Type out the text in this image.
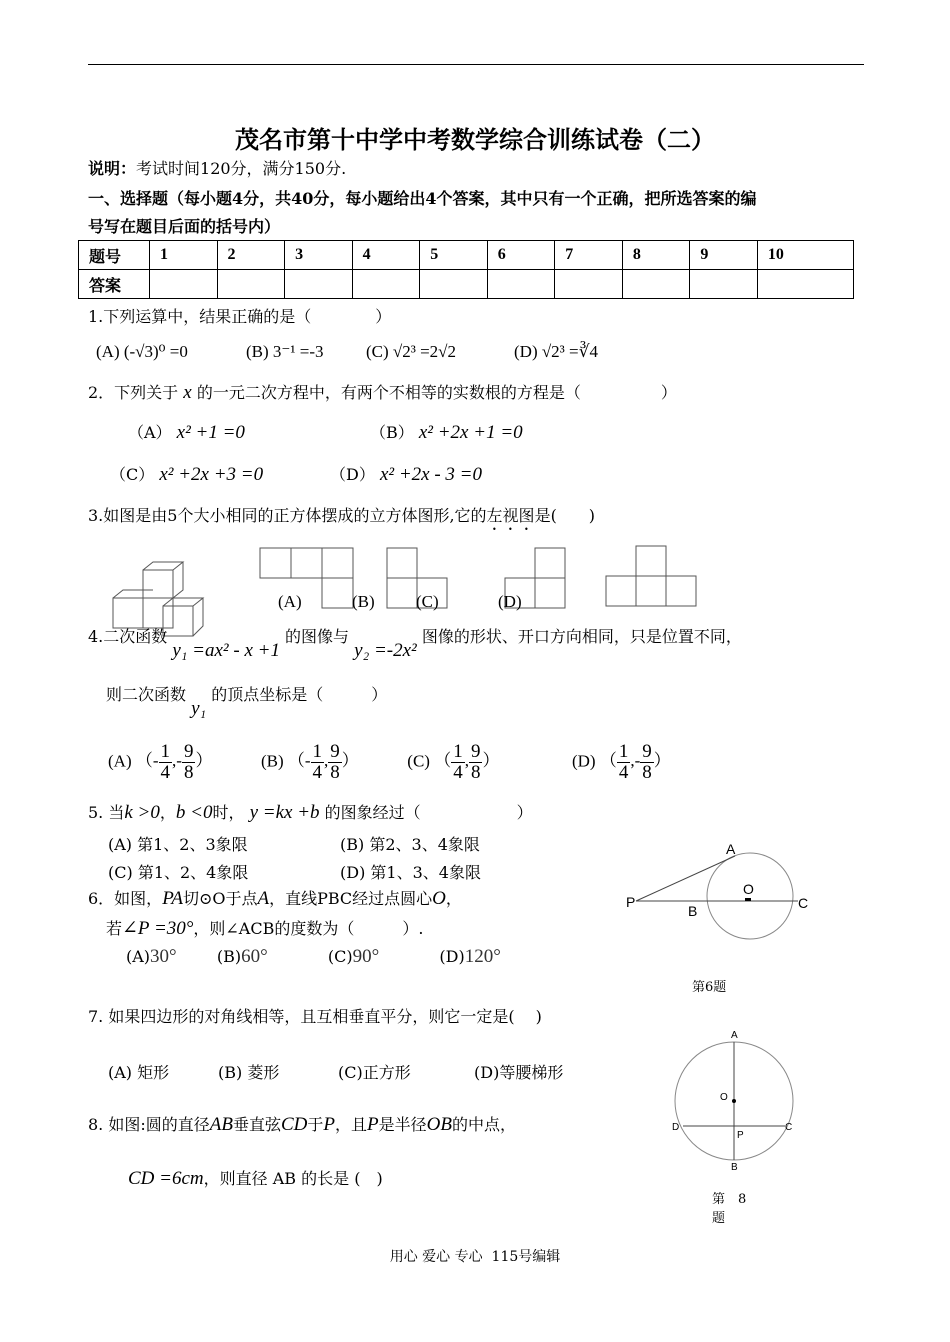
茂名市第十中学中考数学综合训练试卷（二）
说明：考试时间120分，满分150分.
一、选择题（每小题4分，共40分，每小题给出4个答案，其中只有一个正确，把所选答案的编
号写在题目后面的括号内）
题号	1	2	3	4	5	6	7	8	9	10
答案										
1.下列运算中，结果正确的是（　　　　）
(A) (-√3)⁰ =0	(B) 3⁻¹ =-3	(C) √2³ =2√2	(D) √2³ =∛4
2．下列关于 x 的一元二次方程中，有两个不相等的实数根的方程是（　　　　　）
（A） x² +1 =0	（B） x² +2x +1 =0
（C） x² +2x +3 =0	（D） x² +2x - 3 =0
3.如图是由5个大小相同的正方体摆成的立方体图形,它的左视图是(　　)
(A)	(B) (C)	(D)
4.二次函数 y₁ =ax² - x +1 的图像与 y₂ =-2x² 图像的形状、开口方向相同，只是位置不同，
则二次函数 y₁ 的顶点坐标是（　　　）
(A) （- $\frac{1}{4}$ ,- $\frac{9}{8}$ ）	(B) （- $\frac{1}{4}$ , $\frac{9}{8}$ ）	(C) （ $\frac{1}{4}$ , $\frac{9}{8}$ ）	(D) （ $\frac{1}{4}$ ,- $\frac{9}{8}$ ）
5. 当k >0，b <0时， y =kx +b 的图象经过（　　　　　　）
(A) 第1、2、3象限	(B) 第2、3、4象限
(C) 第1、2、4象限	(D) 第1、3、4象限
6．如图，PA切⊙O于点A，直线PBC经过点圆心O，
若∠P =30°，则∠ACB的度数为（　　　）.
(A)30°	(B)60°	(C)90°	(D)120°
A
O
P
B	C
第6题
7. 如果四边形的对角线相等，且互相垂直平分，则它一定是(　 )
(A) 矩形	(B) 菱形	(C)正方形	(D)等腰梯形
8. 如图:圆的直径AB垂直弦CD于P，且P是半径OB的中点，
CD =6cm，则直径 AB 的长是 (　)
A
O
D
P
C
B
第　8
题
用心 爱心 专心  115号编辑
